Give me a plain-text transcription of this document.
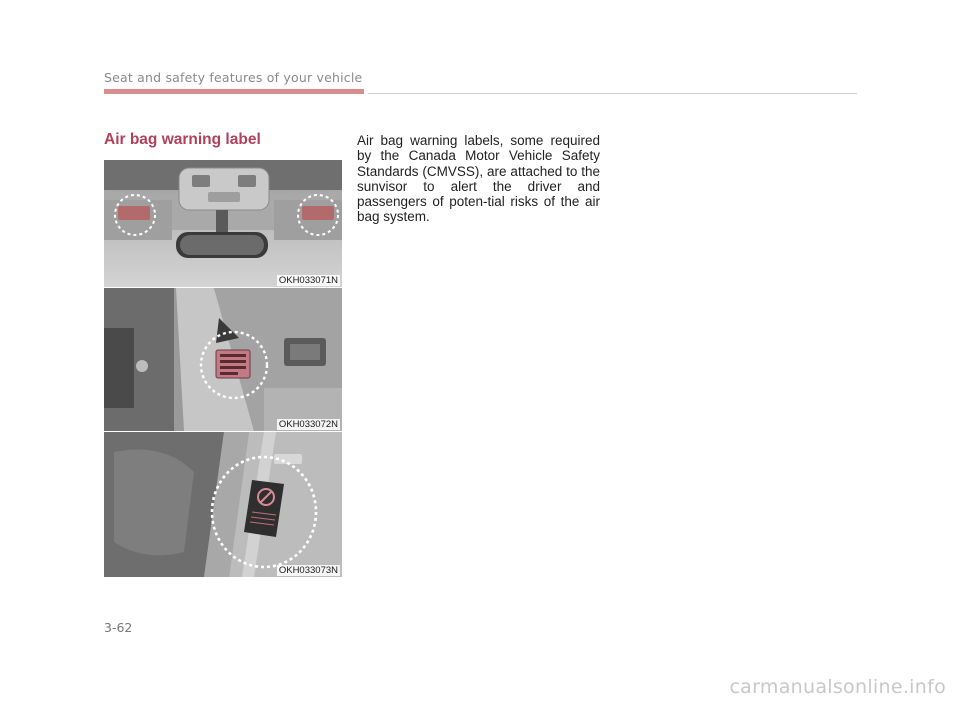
Seat and safety features of your vehicle
Air bag warning label	Air bag warning labels, some required by the Canada Motor Vehicle Safety Standards (CMVSS), are attached to the sunvisor to alert the driver and passengers of poten-tial risks of the air bag system.
OKH033071N
OKH033072N
OKH033073N
3-62
carmanualsonline.info
